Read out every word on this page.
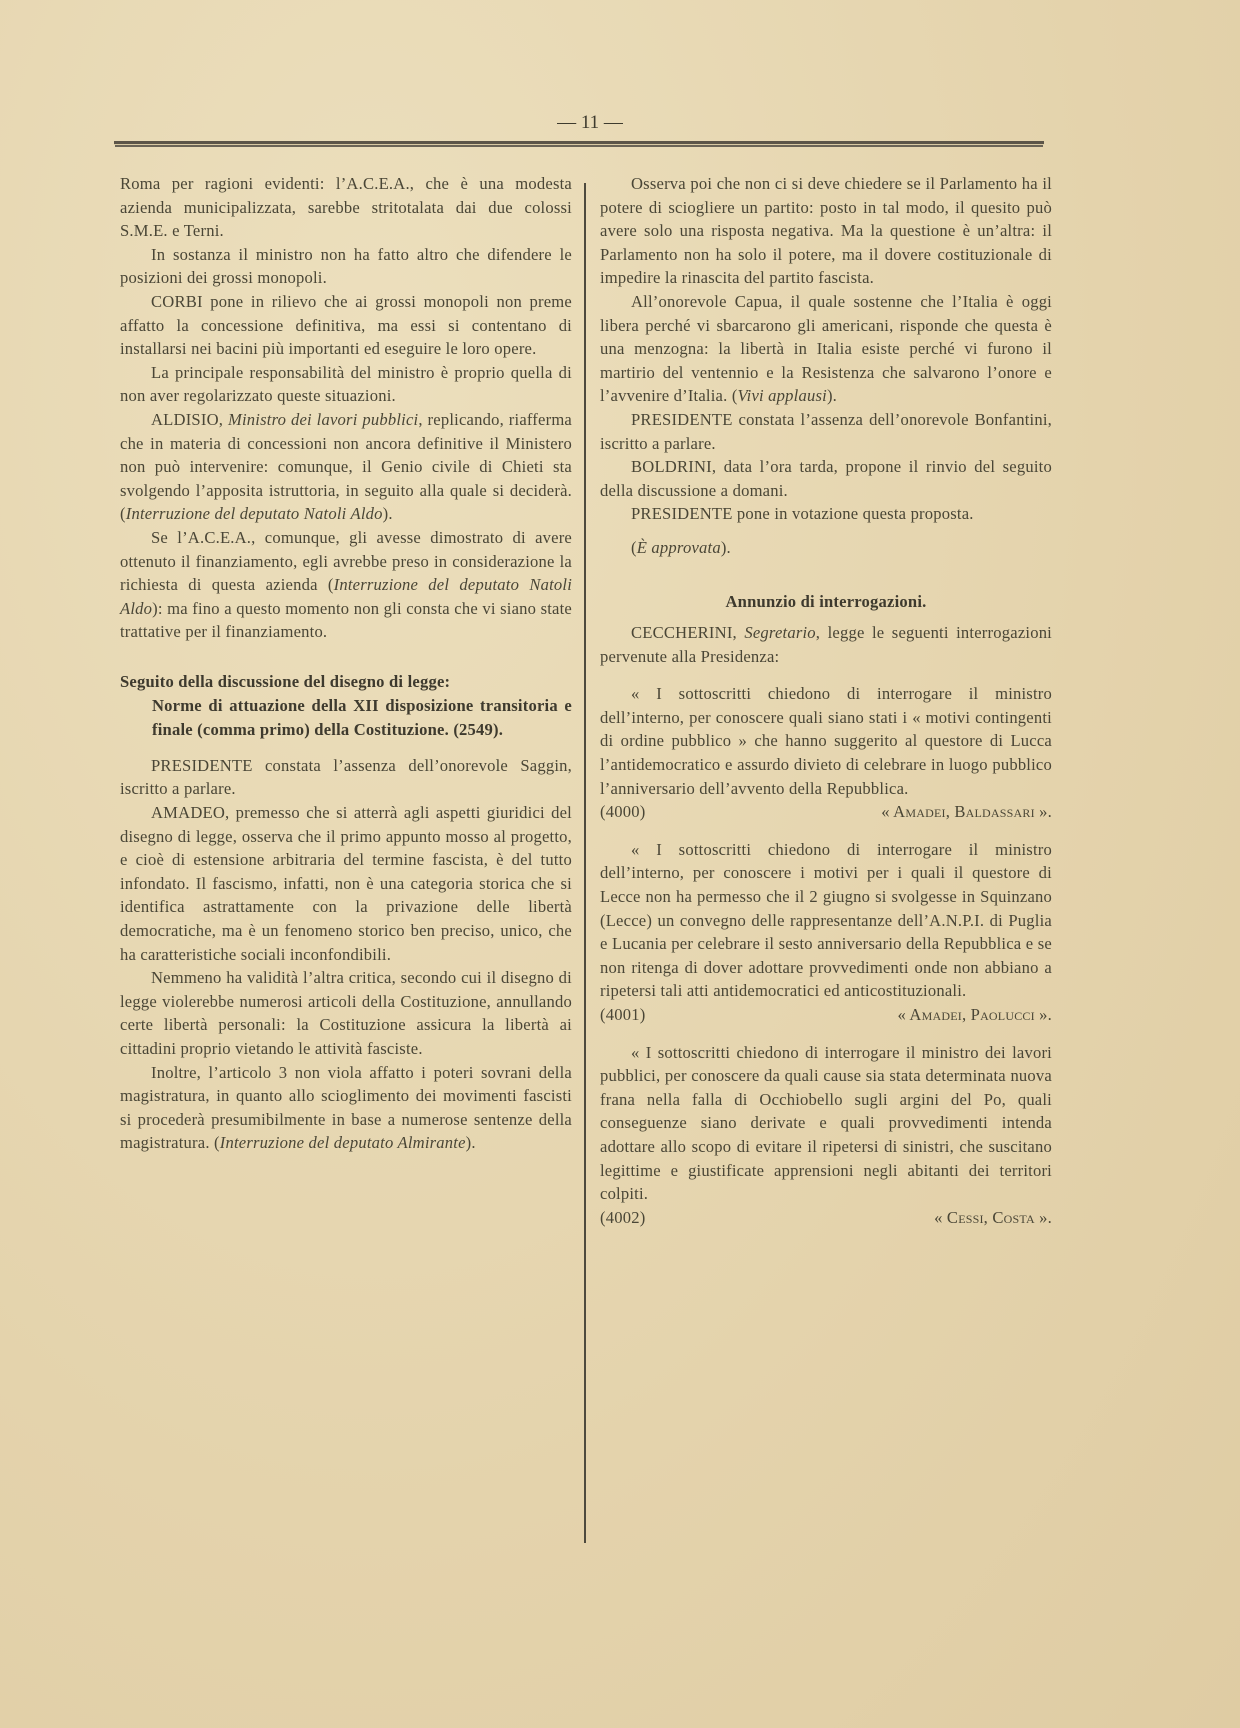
— 11 —

Roma per ragioni evidenti: l’A.C.E.A., che è una modesta azienda municipalizzata, sarebbe stritotalata dai due colossi S.M.E. e Terni.

In sostanza il ministro non ha fatto altro che difendere le posizioni dei grossi monopoli.

CORBI pone in rilievo che ai grossi monopoli non preme affatto la concessione definitiva, ma essi si contentano di installarsi nei bacini più importanti ed eseguire le loro opere.

La principale responsabilità del ministro è proprio quella di non aver regolarizzato queste situazioni.

ALDISIO, Ministro dei lavori pubblici, replicando, riafferma che in materia di concessioni non ancora definitive il Ministero non può intervenire: comunque, il Genio civile di Chieti sta svolgendo l’apposita istruttoria, in seguito alla quale si deciderà. (Interruzione del deputato Natoli Aldo).

Se l’A.C.E.A., comunque, gli avesse dimostrato di avere ottenuto il finanziamento, egli avrebbe preso in considerazione la richiesta di questa azienda (Interruzione del deputato Natoli Aldo): ma fino a questo momento non gli consta che vi siano state trattative per il finanziamento.

Seguito della discussione del disegno di legge:
Norme di attuazione della XII disposizione transitoria e finale (comma primo) della Costituzione. (2549).

PRESIDENTE constata l’assenza dell’onorevole Saggin, iscritto a parlare.

AMADEO, premesso che si atterrà agli aspetti giuridici del disegno di legge, osserva che il primo appunto mosso al progetto, e cioè di estensione arbitraria del termine fascista, è del tutto infondato. Il fascismo, infatti, non è una categoria storica che si identifica astrattamente con la privazione delle libertà democratiche, ma è un fenomeno storico ben preciso, unico, che ha caratteristiche sociali inconfondibili.

Nemmeno ha validità l’altra critica, secondo cui il disegno di legge violerebbe numerosi articoli della Costituzione, annullando certe libertà personali: la Costituzione assicura la libertà ai cittadini proprio vietando le attività fasciste.

Inoltre, l’articolo 3 non viola affatto i poteri sovrani della magistratura, in quanto allo scioglimento dei movimenti fascisti si procederà presumibilmente in base a numerose sentenze della magistratura. (Interruzione del deputato Almirante).

Osserva poi che non ci si deve chiedere se il Parlamento ha il potere di sciogliere un partito: posto in tal modo, il quesito può avere solo una risposta negativa. Ma la questione è un’altra: il Parlamento non ha solo il potere, ma il dovere costituzionale di impedire la rinascita del partito fascista.

All’onorevole Capua, il quale sostenne che l’Italia è oggi libera perché vi sbarcarono gli americani, risponde che questa è una menzogna: la libertà in Italia esiste perché vi furono il martirio del ventennio e la Resistenza che salvarono l’onore e l’avvenire d’Italia. (Vivi applausi).

PRESIDENTE constata l’assenza dell’onorevole Bonfantini, iscritto a parlare.

BOLDRINI, data l’ora tarda, propone il rinvio del seguito della discussione a domani.

PRESIDENTE pone in votazione questa proposta.

(È approvata).

Annunzio di interrogazioni.

CECCHERINI, Segretario, legge le seguenti interrogazioni pervenute alla Presidenza:

« I sottoscritti chiedono di interrogare il ministro dell’interno, per conoscere quali siano stati i « motivi contingenti di ordine pubblico » che hanno suggerito al questore di Lucca l’antidemocratico e assurdo divieto di celebrare in luogo pubblico l’anniversario dell’avvento della Repubblica.

(4000)	« Amadei, Baldassari ».

« I sottoscritti chiedono di interrogare il ministro dell’interno, per conoscere i motivi per i quali il questore di Lecce non ha permesso che il 2 giugno si svolgesse in Squinzano (Lecce) un convegno delle rappresentanze dell’A.N.P.I. di Puglia e Lucania per celebrare il sesto anniversario della Repubblica e se non ritenga di dover adottare provvedimenti onde non abbiano a ripetersi tali atti antidemocratici ed anticostituzionali.

(4001)	« Amadei, Paolucci ».

« I sottoscritti chiedono di interrogare il ministro dei lavori pubblici, per conoscere da quali cause sia stata determinata nuova frana nella falla di Occhiobello sugli argini del Po, quali conseguenze siano derivate e quali provvedimenti intenda adottare allo scopo di evitare il ripetersi di sinistri, che suscitano legittime e giustificate apprensioni negli abitanti dei territori colpiti.

(4002)	« Cessi, Costa ».
